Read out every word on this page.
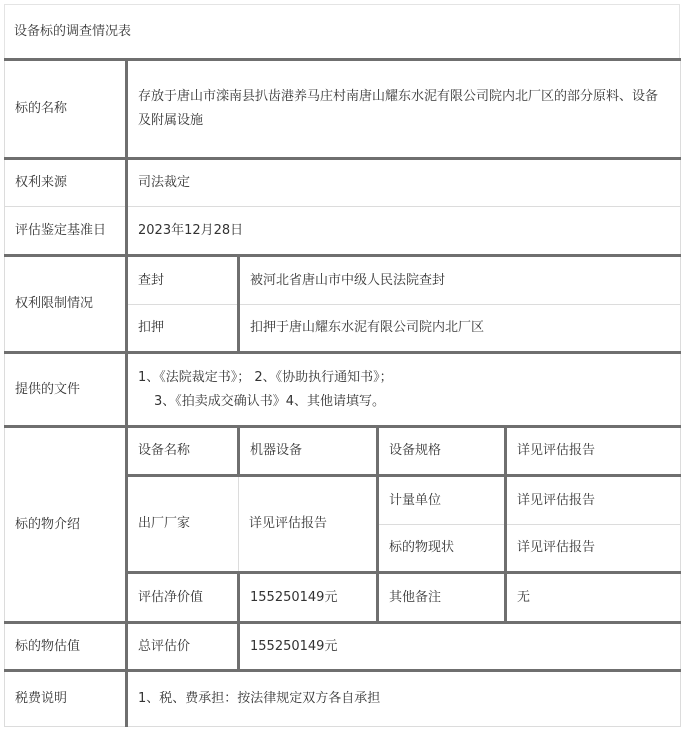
设备标的调查情况表
标的名称	存放于唐山市滦南县扒齿港养马庄村南唐山耀东水泥有限公司院内北厂区的部分原料、设备及附属设施			
权利来源	司法裁定			
评估鉴定基准日	2023年12月28日			
权利限制情况	查封	被河北省唐山市中级人民法院查封		
	扣押	扣押于唐山耀东水泥有限公司院内北厂区		
提供的文件	1、《法院裁定书》； 2、《协助执行通知书》；
3、《拍卖成交确认书》4、其他请填写。			

标的物介绍	设备名称	机器设备	设备规格	详见评估报告
	出厂厂家	详见评估报告	计量单位	详见评估报告
			标的物现状	详见评估报告
	评估净价值	155250149元	其他备注	无
标的物估值	总评估价	155250149元		
税费说明	1、税、费承担：按法律规定双方各自承担			
